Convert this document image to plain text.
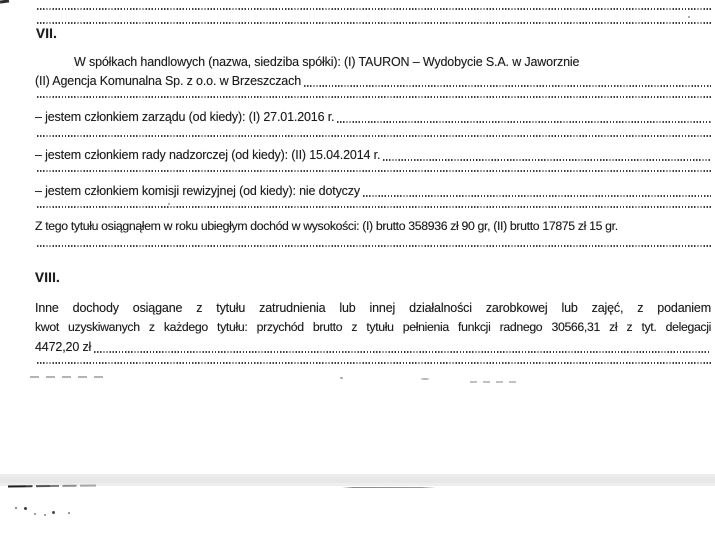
VII.
W spółkach handlowych (nazwa, siedziba spółki): (I) TAURON – Wydobycie S.A. w Jaworznie
(II) Agencja Komunalna Sp. z o.o. w Brzeszczach
– jestem członkiem zarządu (od kiedy): (I) 27.01.2016 r.
– jestem członkiem rady nadzorczej (od kiedy): (II) 15.04.2014 r.
– jestem członkiem komisji rewizyjnej (od kiedy): nie dotyczy
Z tego tytułu osiągnąłem w roku ubiegłym dochód w wysokości: (I) brutto 358936 zł 90 gr, (II) brutto 17875 zł 15 gr.
VIII.
Inne dochody osiągane z tytułu zatrudnienia lub innej działalności zarobkowej lub zajęć, z podaniem
kwot uzyskiwanych z każdego tytułu: przychód brutto z tytułu pełnienia funkcji radnego 30566,31 zł z tyt. delegacji
4472,20 zł
